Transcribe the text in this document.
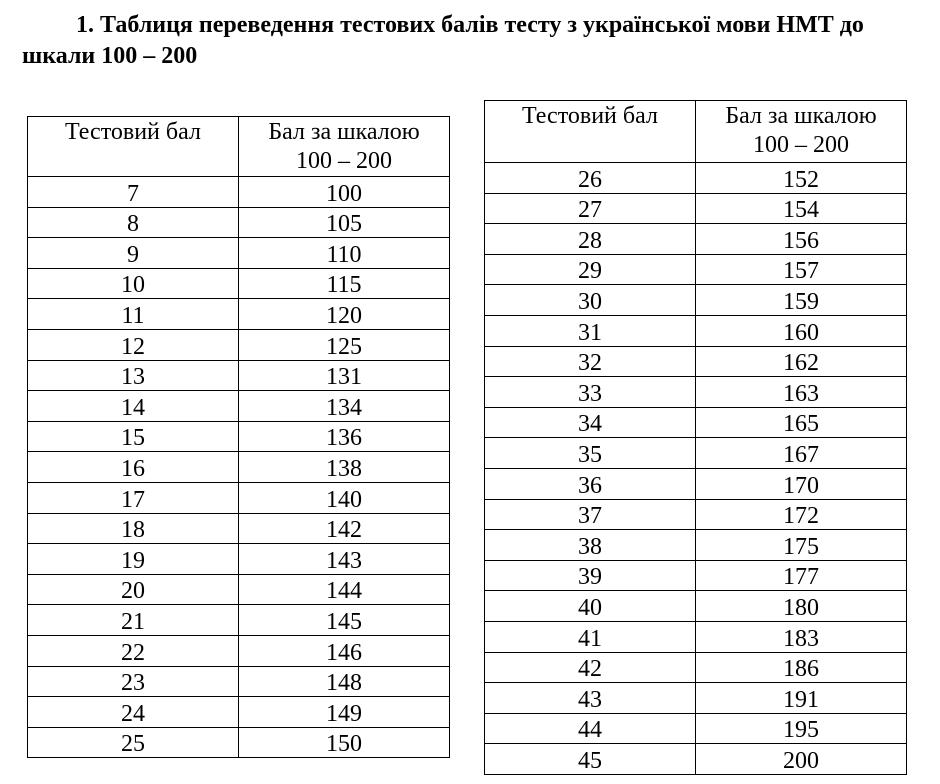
1. Таблиця переведення тестових балів тесту з української мови НМТ до шкали 100 – 200

Тестовий бал	Бал за шкалою
100 – 200

7	100
8	105
9	110
10	115
11	120
12	125
13	131
14	134
15	136
16	138
17	140
18	142
19	143
20	144
21	145
22	146
23	148
24	149
25	150
Тестовий бал	Бал за шкалою
100 – 200

26	152
27	154
28	156
29	157
30	159
31	160
32	162
33	163
34	165
35	167
36	170
37	172
38	175
39	177
40	180
41	183
42	186
43	191
44	195
45	200
